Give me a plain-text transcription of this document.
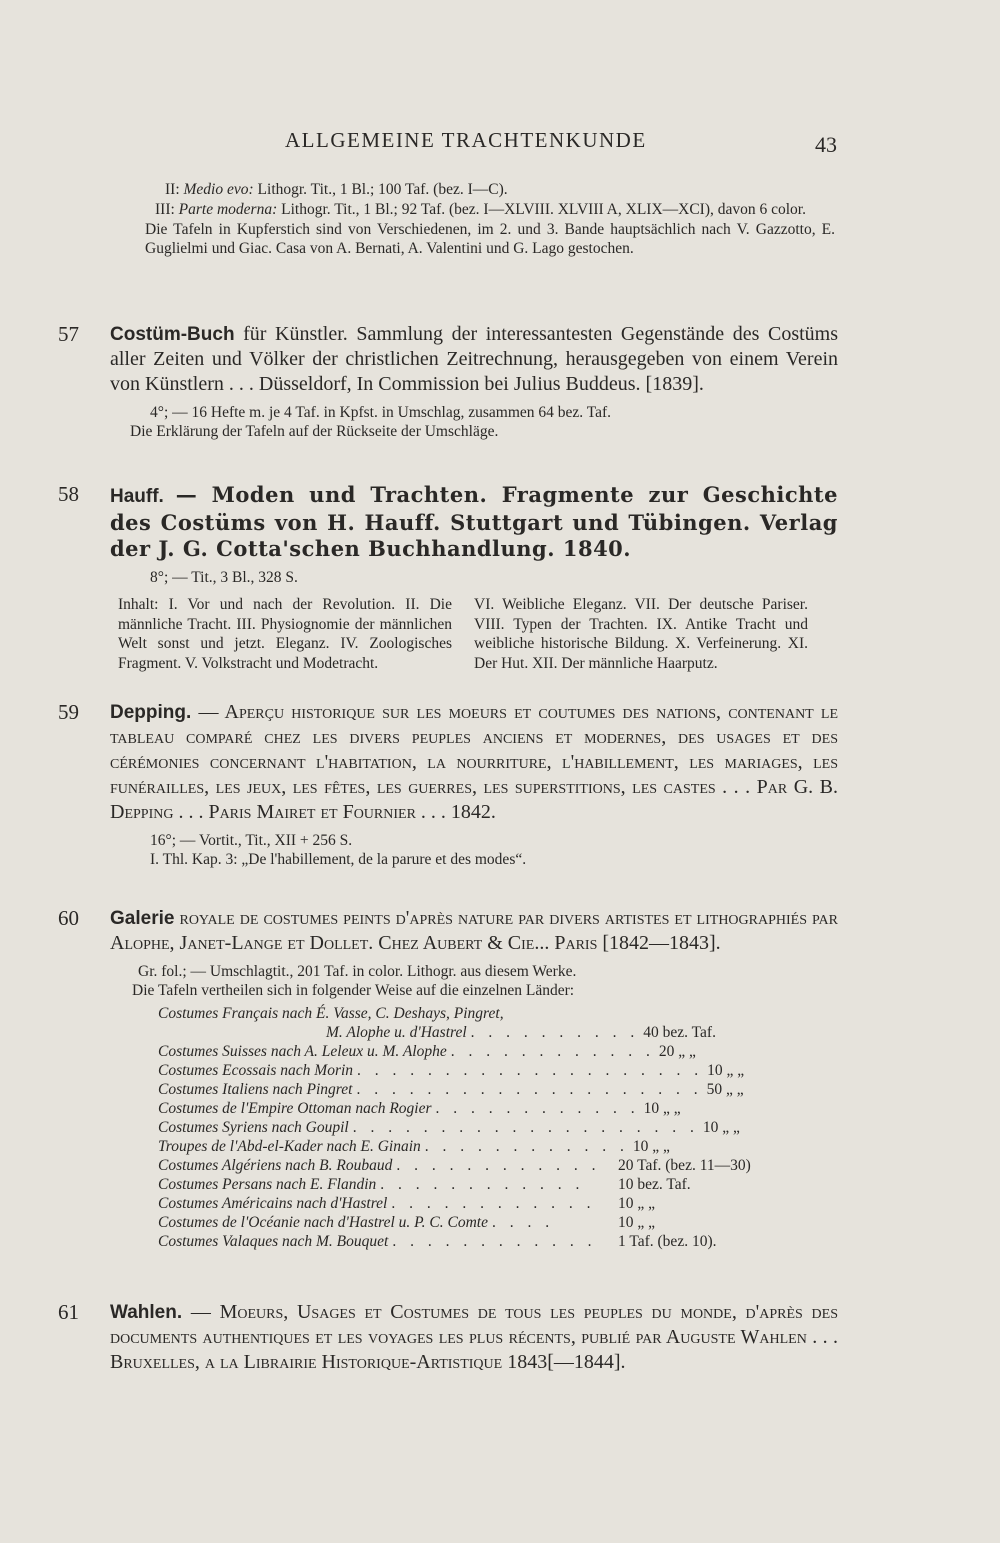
ALLGEMEINE TRACHTENKUNDE	43

II: Medio evo: Lithogr. Tit., 1 Bl.; 100 Taf. (bez. I—C).

III: Parte moderna: Lithogr. Tit., 1 Bl.; 92 Taf. (bez. I—XLVIII. XLVIII A, XLIX—XCI), davon 6 color.

Die Tafeln in Kupferstich sind von Verschiedenen, im 2. und 3. Bande hauptsächlich nach V. Gazzotto, E. Guglielmi und Giac. Casa von A. Bernati, A. Valentini und G. Lago gestochen.

57 Costüm-Buch für Künstler. Sammlung der interessantesten Gegenstände des Costüms aller Zeiten und Völker der christlichen Zeitrechnung, herausgegeben von einem Verein von Künstlern . . . Düsseldorf, In Commission bei Julius Buddeus. [1839].

4°; — 16 Hefte m. je 4 Taf. in Kpfst. in Umschlag, zusammen 64 bez. Taf.

Die Erklärung der Tafeln auf der Rückseite der Umschläge.

58 Hauff. — Moden und Trachten. Fragmente zur Geschichte des Costüms von H. Hauff. Stuttgart und Tübingen. Verlag der J. G. Cotta'schen Buchhandlung. 1840.

8°; — Tit., 3 Bl., 328 S.

Inhalt: I. Vor und nach der Revolution. II. Die männliche Tracht. III. Physiognomie der männlichen Welt sonst und jetzt. Eleganz. IV. Zoologisches Fragment. V. Volkstracht und Modetracht.
VI. Weibliche Eleganz. VII. Der deutsche Pariser. VIII. Typen der Trachten. IX. Antike Tracht und weibliche historische Bildung. X. Verfeinerung. XI. Der Hut. XII. Der männliche Haarputz.
59 Depping. — Aperçu historique sur les moeurs et coutumes des nations, contenant le tableau comparé chez les divers peuples anciens et modernes, des usages et des cérémonies concernant l'habitation, la nourriture, l'habillement, les mariages, les funérailles, les jeux, les fêtes, les guerres, les superstitions, les castes . . . Par G. B. Depping . . . Paris Mairet et Fournier . . . 1842.

16°; — Vortit., Tit., XII + 256 S.

I. Thl. Kap. 3: „De l'habillement, de la parure et des modes“.

60 Galerie royale de costumes peints d'après nature par divers artistes et lithographiés par Alophe, Janet-Lange et Dollet. Chez Aubert & Cie... Paris [1842—1843].

Gr. fol.; — Umschlagtit., 201 Taf. in color. Lithogr. aus diesem Werke.

Die Tafeln vertheilen sich in folgender Weise auf die einzelnen Länder:

Costumes Français nach É. Vasse, C. Deshays, Pingret,
M. Alophe u. d'Hastrel . . . . . . . . . . 40 bez. Taf.
Costumes Suisses nach A. Leleux u. M. Alophe . . . . . . . . . . . . 20 „ „
Costumes Ecossais nach Morin . . . . . . . . . . . . . . . . . . . . 10 „ „
Costumes Italiens nach Pingret . . . . . . . . . . . . . . . . . . . . 50 „ „
Costumes de l'Empire Ottoman nach Rogier . . . . . . . . . . . . 10 „ „
Costumes Syriens nach Goupil . . . . . . . . . . . . . . . . . . . . 10 „ „
Troupes de l'Abd-el-Kader nach E. Ginain . . . . . . . . . . . . 10 „ „
Costumes Algériens nach B. Roubaud . . . . . . . . . . . .	20 Taf. (bez. 11—30)
Costumes Persans nach E. Flandin . . . . . . . . . . . .	10 bez. Taf.
Costumes Américains nach d'Hastrel . . . . . . . . . . . .	10 „ „
Costumes de l'Océanie nach d'Hastrel u. P. C. Comte . . . .	10 „ „
Costumes Valaques nach M. Bouquet . . . . . . . . . . . .	1 Taf. (bez. 10).
61 Wahlen. — Moeurs, Usages et Costumes de tous les peuples du monde, d'après des documents authentiques et les voyages les plus récents, publié par Auguste Wahlen . . . Bruxelles, a la Librairie Historique-Artistique 1843[—1844].
